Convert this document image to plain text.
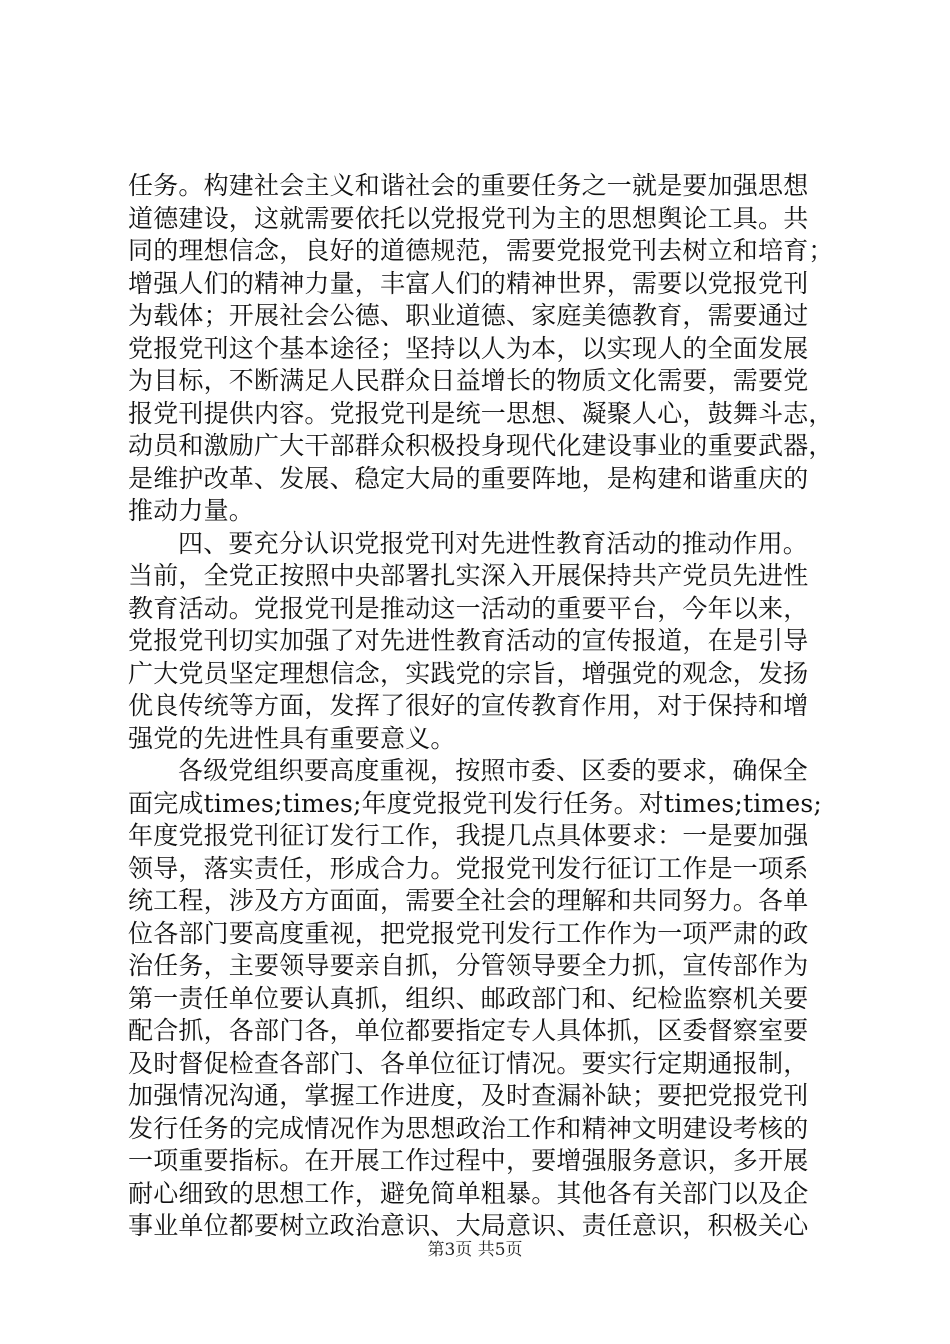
任务。构建社会主义和谐社会的重要任务之一就是要加强思想
道德建设，这就需要依托以党报党刊为主的思想舆论工具。共
同的理想信念，良好的道德规范，需要党报党刊去树立和培育；
增强人们的精神力量，丰富人们的精神世界，需要以党报党刊
为载体；开展社会公德、职业道德、家庭美德教育，需要通过
党报党刊这个基本途径；坚持以人为本，以实现人的全面发展
为目标，不断满足人民群众日益增长的物质文化需要，需要党
报党刊提供内容。党报党刊是统一思想、凝聚人心，鼓舞斗志，
动员和激励广大干部群众积极投身现代化建设事业的重要武器，
是维护改革、发展、稳定大局的重要阵地，是构建和谐重庆的
推动力量。
四、要充分认识党报党刊对先进性教育活动的推动作用。
当前，全党正按照中央部署扎实深入开展保持共产党员先进性
教育活动。党报党刊是推动这一活动的重要平台，今年以来，
党报党刊切实加强了对先进性教育活动的宣传报道，在是引导
广大党员坚定理想信念，实践党的宗旨，增强党的观念，发扬
优良传统等方面，发挥了很好的宣传教育作用，对于保持和增
强党的先进性具有重要意义。
各级党组织要高度重视，按照市委、区委的要求，确保全
面完成times;times;年度党报党刊发行任务。对times;times;
年度党报党刊征订发行工作，我提几点具体要求：一是要加强
领导，落实责任，形成合力。党报党刊发行征订工作是一项系
统工程，涉及方方面面，需要全社会的理解和共同努力。各单
位各部门要高度重视，把党报党刊发行工作作为一项严肃的政
治任务，主要领导要亲自抓，分管领导要全力抓，宣传部作为
第一责任单位要认真抓，组织、邮政部门和、纪检监察机关要
配合抓，各部门各，单位都要指定专人具体抓，区委督察室要
及时督促检查各部门、各单位征订情况。要实行定期通报制，
加强情况沟通，掌握工作进度，及时查漏补缺；要把党报党刊
发行任务的完成情况作为思想政治工作和精神文明建设考核的
一项重要指标。在开展工作过程中，要增强服务意识，多开展
耐心细致的思想工作，避免简单粗暴。其他各有关部门以及企
事业单位都要树立政治意识、大局意识、责任意识，积极关心
第3页 共5页
